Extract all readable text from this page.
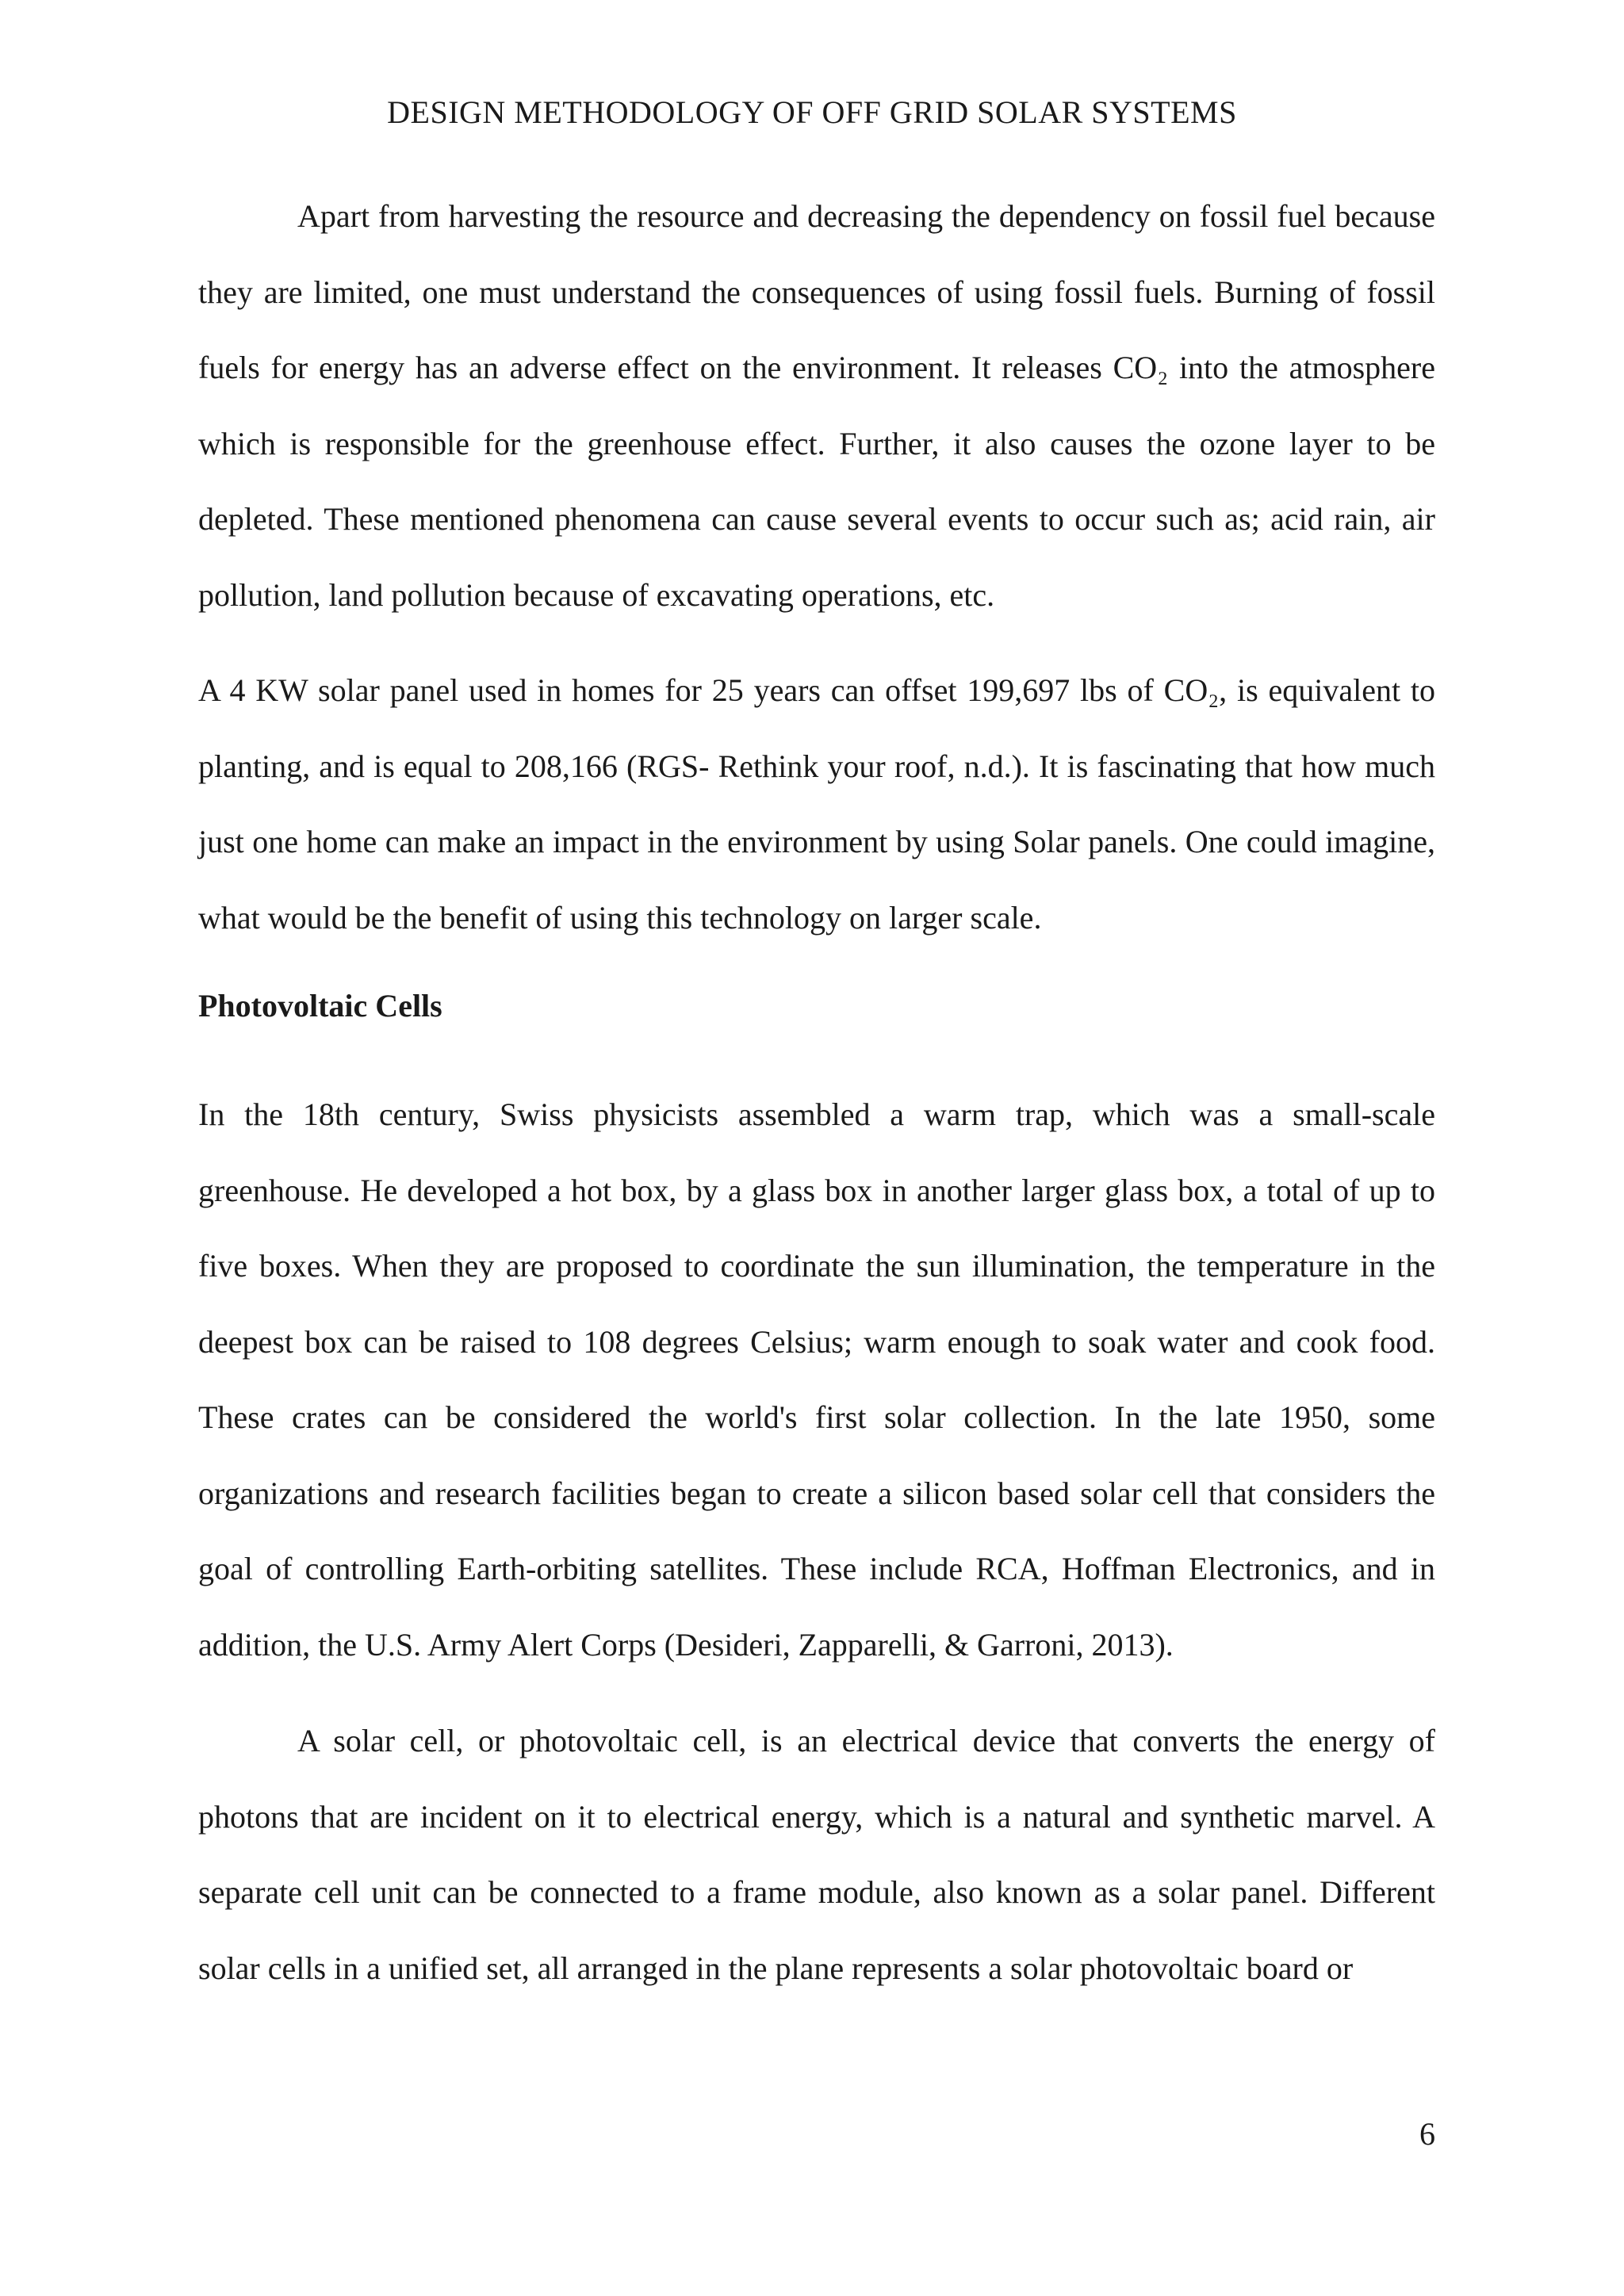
DESIGN METHODOLOGY OF OFF GRID SOLAR SYSTEMS

Apart from harvesting the resource and decreasing the dependency on fossil fuel because they are limited, one must understand the consequences of using fossil fuels. Burning of fossil fuels for energy has an adverse effect on the environment. It releases CO₂ into the atmosphere which is responsible for the greenhouse effect. Further, it also causes the ozone layer to be depleted. These mentioned phenomena can cause several events to occur such as; acid rain, air pollution, land pollution because of excavating operations, etc.

A 4 KW solar panel used in homes for 25 years can offset 199,697 lbs of CO₂, is equivalent to planting, and is equal to 208,166 (RGS- Rethink your roof, n.d.). It is fascinating that how much just one home can make an impact in the environment by using Solar panels. One could imagine, what would be the benefit of using this technology on larger scale.

Photovoltaic Cells

In the 18th century, Swiss physicists assembled a warm trap, which was a small-scale greenhouse. He developed a hot box, by a glass box in another larger glass box, a total of up to five boxes. When they are proposed to coordinate the sun illumination, the temperature in the deepest box can be raised to 108 degrees Celsius; warm enough to soak water and cook food. These crates can be considered the world's first solar collection. In the late 1950, some organizations and research facilities began to create a silicon based solar cell that considers the goal of controlling Earth-orbiting satellites. These include RCA, Hoffman Electronics, and in addition, the U.S. Army Alert Corps (Desideri, Zapparelli, & Garroni, 2013).

A solar cell, or photovoltaic cell, is an electrical device that converts the energy of photons that are incident on it to electrical energy, which is a natural and synthetic marvel. A separate cell unit can be connected to a frame module, also known as a solar panel. Different solar cells in a unified set, all arranged in the plane represents a solar photovoltaic board or

6
